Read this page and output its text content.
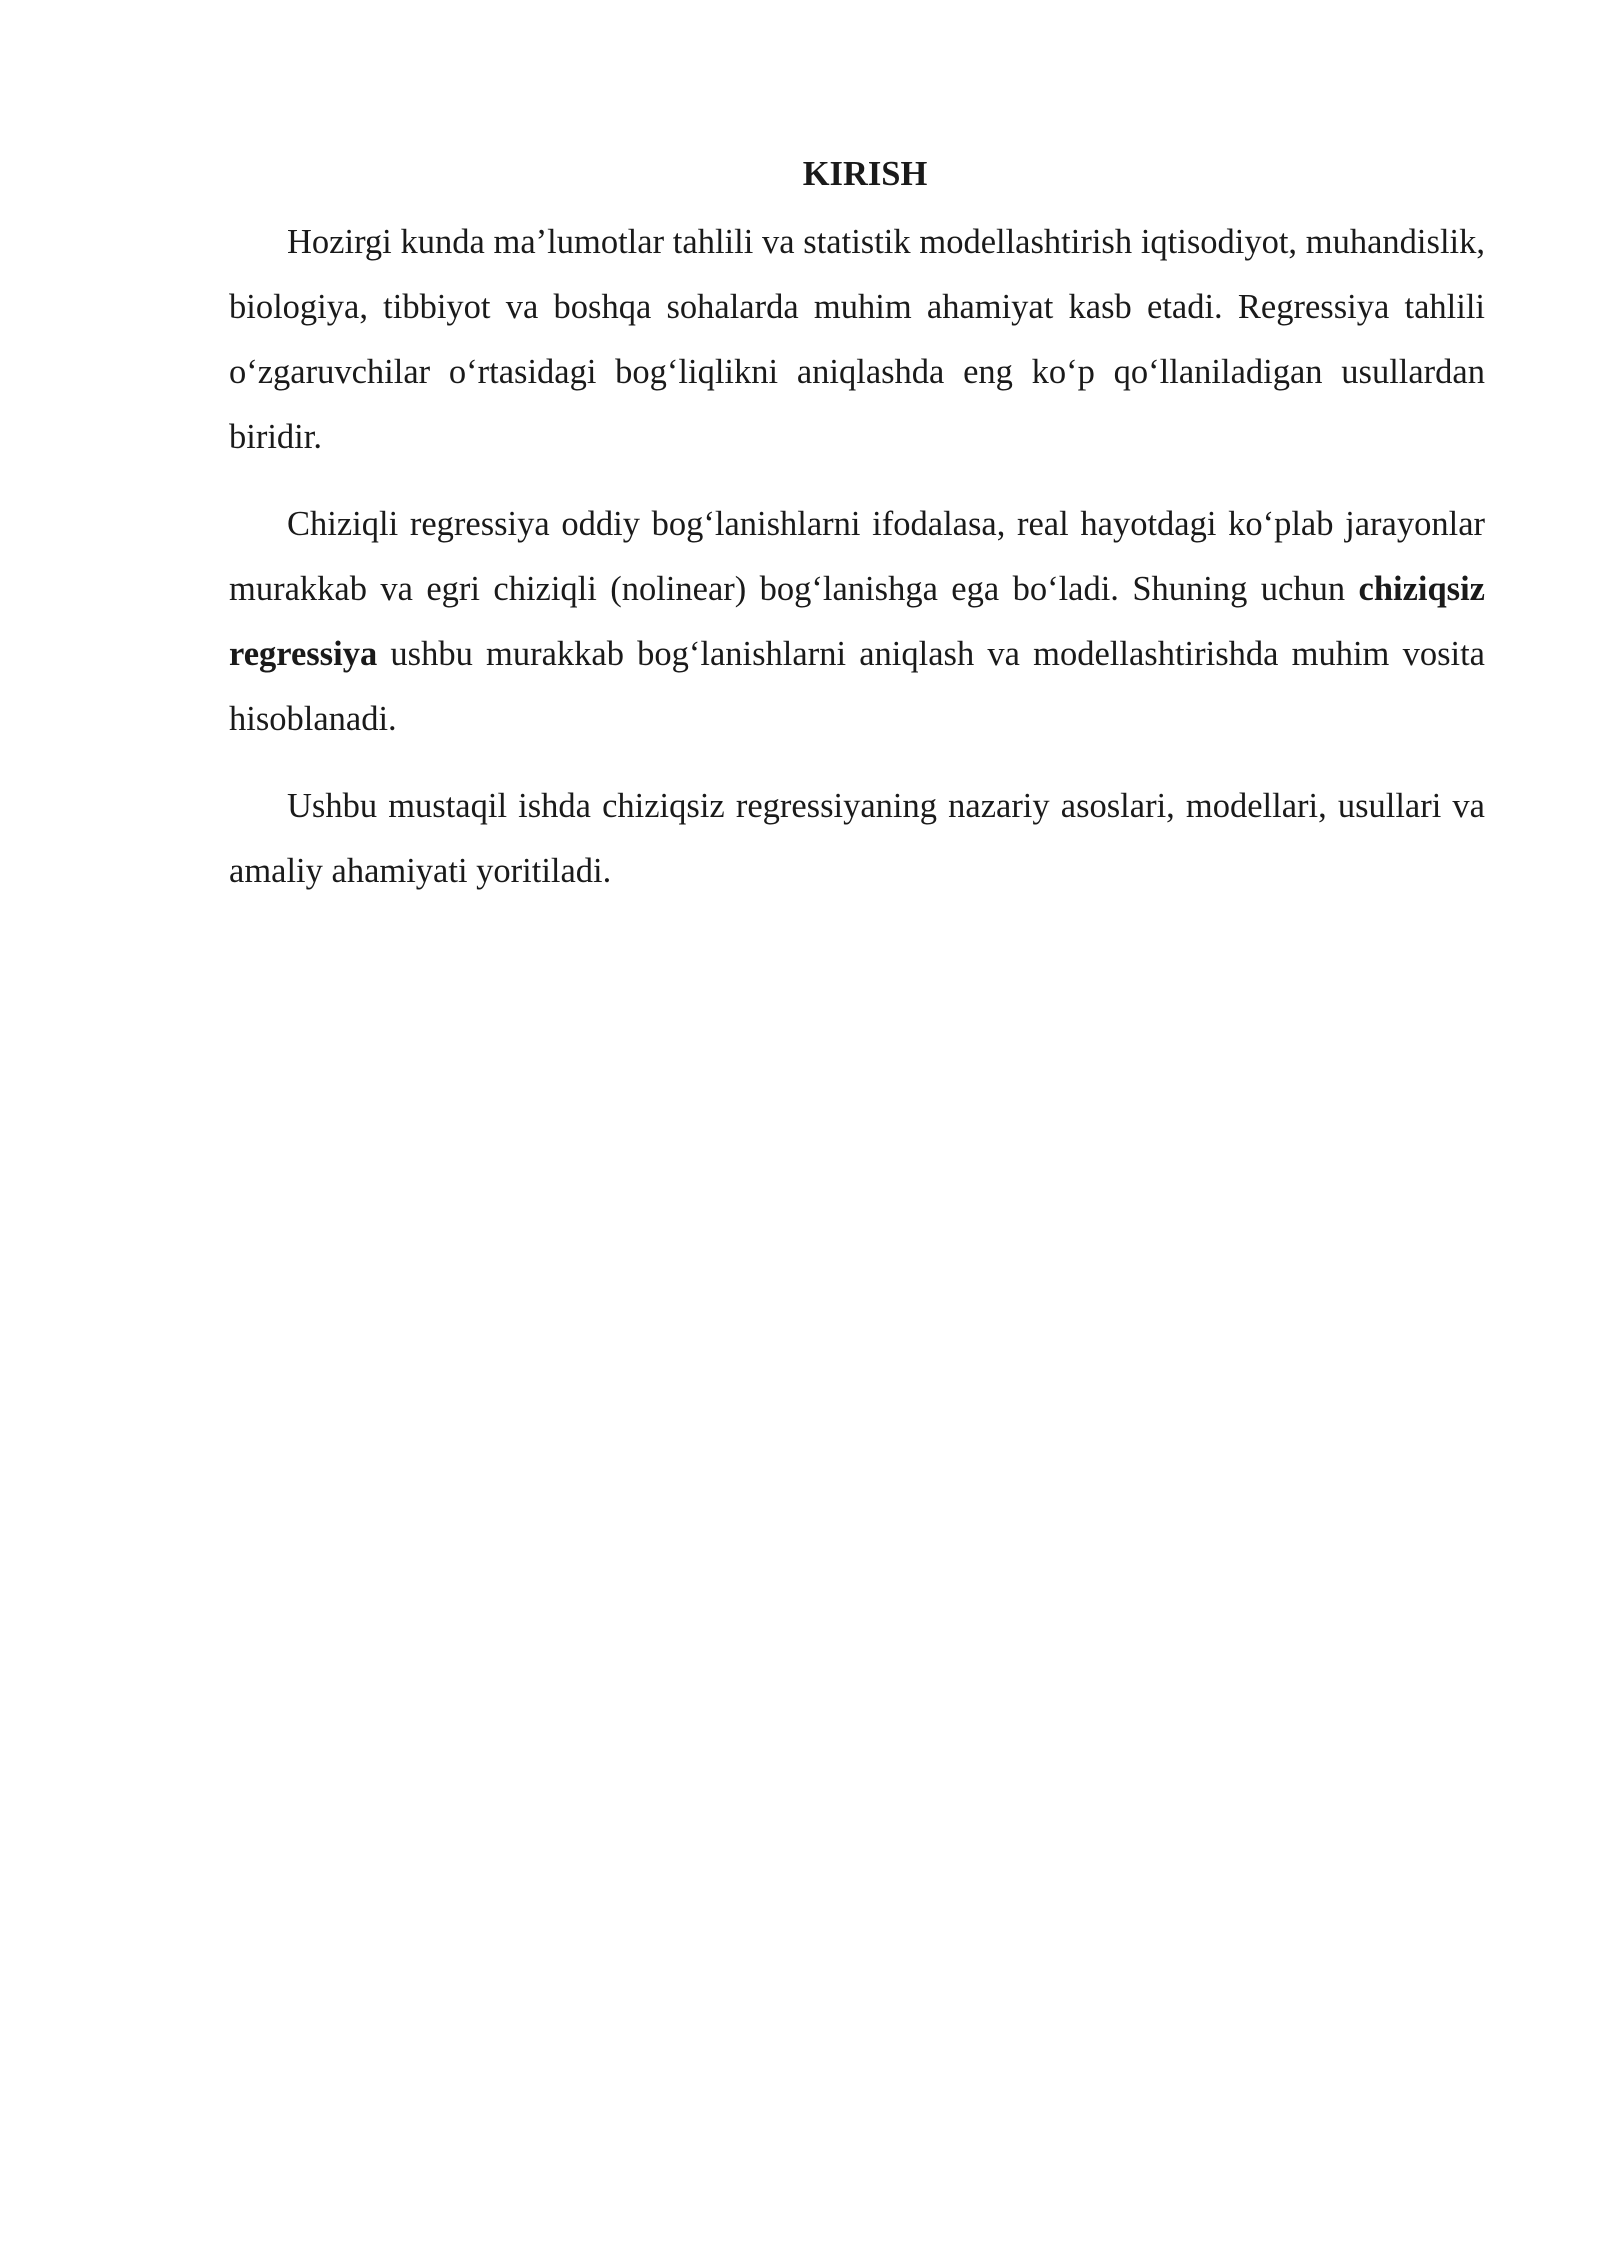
KIRISH

Hozirgi kunda ma’lumotlar tahlili va statistik modellashtirish iqtisodiyot, muhandislik, biologiya, tibbiyot va boshqa sohalarda muhim ahamiyat kasb etadi. Regressiya tahlili o‘zgaruvchilar o‘rtasidagi bog‘liqlikni aniqlashda eng ko‘p qo‘llaniladigan usullardan biridir.

Chiziqli regressiya oddiy bog‘lanishlarni ifodalasa, real hayotdagi ko‘plab jarayonlar murakkab va egri chiziqli (nolinear) bog‘lanishga ega bo‘ladi. Shuning uchun chiziqsiz regressiya ushbu murakkab bog‘lanishlarni aniqlash va modellashtirishda muhim vosita hisoblanadi.

Ushbu mustaqil ishda chiziqsiz regressiyaning nazariy asoslari, modellari, usullari va amaliy ahamiyati yoritiladi.
